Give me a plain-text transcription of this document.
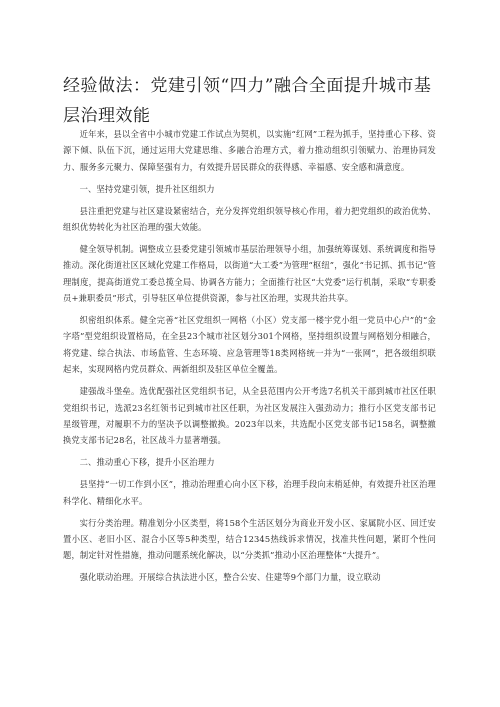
经验做法：党建引领“四力”融合全面提升城市基层治理效能

近年来，县以全省中小城市党建工作试点为契机，以实施“红网”工程为抓手，坚持重心下移、资源下倾、队伍下沉，通过运用大党建思维、多融合治理方式，着力推动组织引领赋力、治理协同发力、服务多元聚力、保障坚强有力，有效提升居民群众的获得感、幸福感、安全感和满意度。

一、坚持党建引领，提升社区组织力

县注重把党建与社区建设紧密结合，充分发挥党组织领导核心作用，着力把党组织的政治优势、组织优势转化为社区治理的强大效能。

健全领导机制。调整成立县委党建引领城市基层治理领导小组，加强统筹谋划、系统调度和指导推动。深化街道社区区域化党建工作格局，以街道“大工委”为管理“枢纽”，强化“书记抓、抓书记”管理制度，提高街道党工委总揽全局、协调各方能力；全面推行社区“大党委”运行机制，采取“专职委员+兼职委员”形式，引导驻区单位提供资源，参与社区治理，实现共治共享。

织密组织体系。健全完善“社区党组织一网格（小区）党支部一楼宇党小组一党员中心户”的“金字塔”型党组织设置格局，在全县23个城市社区划分301个网格，坚持组织设置与网格划分相融合，将党建、综合执法、市场监管、生态环境、应急管理等18类网格统一并为“一张网”，把各级组织联起来，实现网格内党员群众、两新组织及驻区单位全覆盖。

建强战斗堡垒。选优配强社区党组织书记，从全县范围内公开考选7名机关干部到城市社区任职党组织书记，选派23名红领书记到城市社区任职，为社区发展注入强劲动力；推行小区党支部书记星级管理，对履职不力的坚决予以调整撤换。2023年以来，共选配小区党支部书记158名，调整撤换党支部书记28名，社区战斗力显著增强。

二、推动重心下移，提升小区治理力

县坚持“一切工作到小区”，推动治理重心向小区下移，治理手段向末梢延伸，有效提升社区治理科学化、精细化水平。

实行分类治理。精准划分小区类型，将158个生活区划分为商业开发小区、家属院小区、回迁安置小区、老旧小区、混合小区等5种类型，结合12345热线诉求情况，找准共性问题，紧盯个性问题，制定针对性措施，推动问题系统化解决，以“分类抓”推动小区治理整体“大提升”。

强化联动治理。开展综合执法进小区，整合公安、住建等9个部门力量，设立联动
